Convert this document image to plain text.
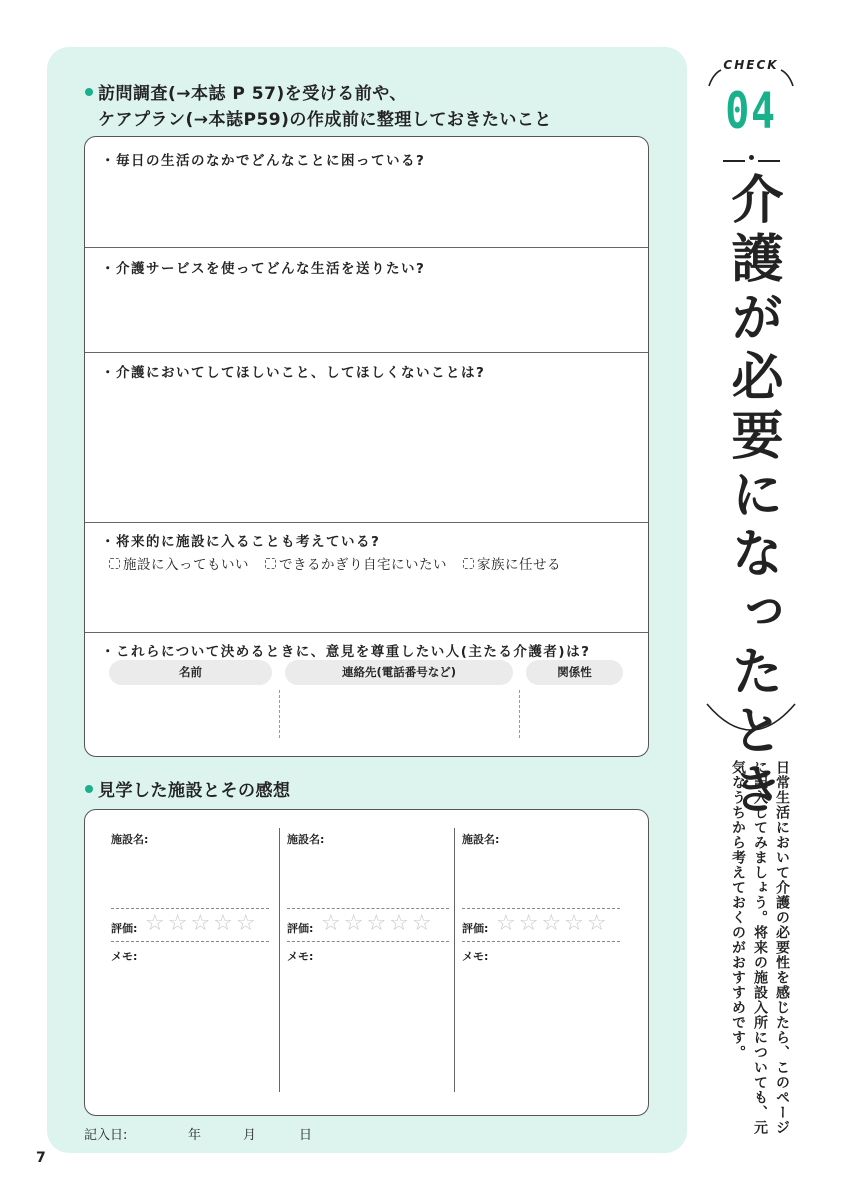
訪問調査(→本誌 P 57)を受ける前や、
ケアプラン(→本誌P59)の作成前に整理しておきたいこと
・毎日の生活のなかでどんなことに困っている?
・介護サービスを使ってどんな生活を送りたい?
・介護においてしてほしいこと、してほしくないことは?
・将来的に施設に入ることも考えている?
施設に入ってもいい できるかぎり自宅にいたい 家族に任せる
・これらについて決めるときに、意見を尊重したい人(主たる介護者)は?
名前	連絡先(電話番号など)	関係性
見学した施設とその感想
施設名:
評価: ☆☆☆☆☆
メモ:
施設名:
評価: ☆☆☆☆☆
メモ:
施設名:
評価: ☆☆☆☆☆
メモ:
記入日:	年	月	日
7
CHECK
04
介護が必要になったとき
日常生活において介護の必要性を感じたら、このページに記入してみましょう。将来の施設入所についても、元気なうちから考えておくのがおすすめです。
